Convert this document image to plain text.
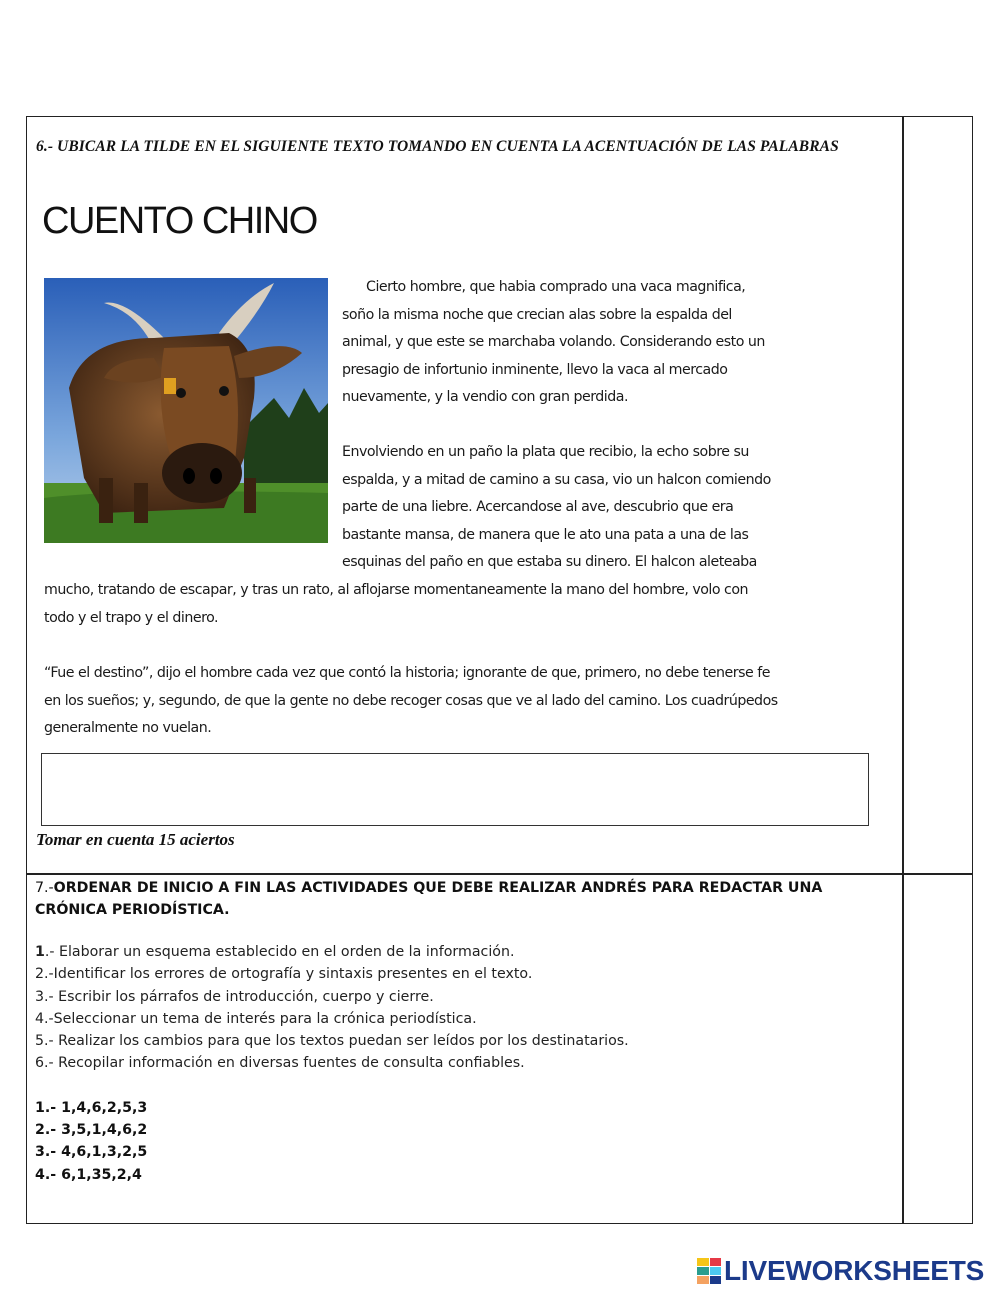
6.- UBICAR LA TILDE EN EL SIGUIENTE TEXTO TOMANDO EN CUENTA LA ACENTUACIÓN DE LAS PALABRAS
CUENTO CHINO
Cierto hombre, que habia comprado una vaca magnifica,
soño la misma noche que crecian alas sobre la espalda del
animal, y que este se marchaba volando. Considerando esto un
presagio de infortunio inminente, llevo la vaca al mercado
nuevamente, y la vendio con gran perdida.
Envolviendo en un paño la plata que recibio, la echo sobre su
espalda, y a mitad de camino a su casa, vio un halcon comiendo
parte de una liebre. Acercandose al ave, descubrio que era
bastante mansa, de manera que le ato una pata a una de las
esquinas del paño en que estaba su dinero. El halcon aleteaba
mucho, tratando de escapar, y tras un rato, al aflojarse momentaneamente la mano del hombre, volo con
todo y el trapo y el dinero.
“Fue el destino”, dijo el hombre cada vez que contó la historia; ignorante de que, primero, no debe tenerse fe
en los sueños; y, segundo, de que la gente no debe recoger cosas que ve al lado del camino. Los cuadrúpedos
generalmente no vuelan.
Tomar en cuenta 15 aciertos
7.-ORDENAR DE INICIO A FIN LAS ACTIVIDADES QUE DEBE REALIZAR ANDRÉS PARA REDACTAR UNA CRÓNICA PERIODÍSTICA.
1.- Elaborar un esquema establecido en el orden de la información.
2.-Identificar los errores de ortografía y sintaxis presentes en el texto.
3.- Escribir los párrafos de introducción, cuerpo y cierre.
4.-Seleccionar un tema de interés para la crónica periodística.
5.- Realizar los cambios para que los textos puedan ser leídos por los destinatarios.
6.- Recopilar información en diversas fuentes de consulta confiables.
1.- 1,4,6,2,5,3
2.- 3,5,1,4,6,2
3.- 4,6,1,3,2,5
4.- 6,1,35,2,4
LIVEWORKSHEETS
